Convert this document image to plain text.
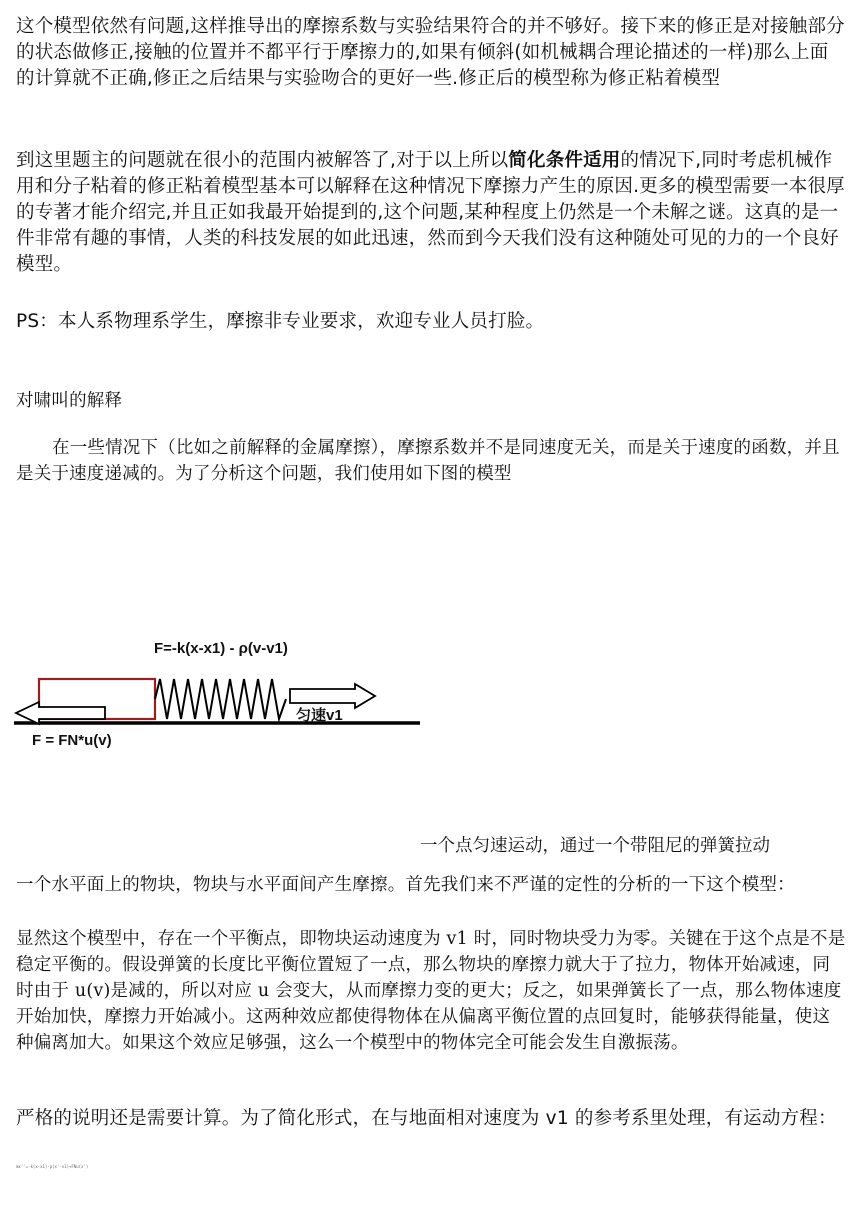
这个模型依然有问题,这样推导出的摩擦系数与实验结果符合的并不够好。接下来的修正是对接触部分的状态做修正,接触的位置并不都平行于摩擦力的,如果有倾斜(如机械耦合理论描述的一样)那么上面的计算就不正确,修正之后结果与实验吻合的更好一些.修正后的模型称为修正粘着模型

到这里题主的问题就在很小的范围内被解答了,对于以上所以简化条件适用的情况下,同时考虑机械作用和分子粘着的修正粘着模型基本可以解释在这种情况下摩擦力产生的原因.更多的模型需要一本很厚的专著才能介绍完,并且正如我最开始提到的,这个问题,某种程度上仍然是一个未解之谜。这真的是一件非常有趣的事情，人类的科技发展的如此迅速，然而到今天我们没有这种随处可见的力的一个良好模型。

PS：本人系物理系学生，摩擦非专业要求，欢迎专业人员打脸。

对啸叫的解释

在一些情况下（比如之前解释的金属摩擦），摩擦系数并不是同速度无关，而是关于速度的函数，并且是关于速度递减的。为了分析这个问题，我们使用如下图的模型

F=-k(x-x1) - ρ(v-v1)
F = FN*u(v)
匀速v1
一个点匀速运动，通过一个带阻尼的弹簧拉动

一个水平面上的物块，物块与水平面间产生摩擦。首先我们来不严谨的定性的分析的一下这个模型：

显然这个模型中，存在一个平衡点，即物块运动速度为 v1 时，同时物块受力为零。关键在于这个点是不是稳定平衡的。假设弹簧的长度比平衡位置短了一点，那么物块的摩擦力就大于了拉力，物体开始减速，同时由于 u(v)是减的，所以对应 u 会变大，从而摩擦力变的更大；反之，如果弹簧长了一点，那么物体速度开始加快，摩擦力开始减小。这两种效应都使得物体在从偏离平衡位置的点回复时，能够获得能量，使这种偏离加大。如果这个效应足够强，这么一个模型中的物体完全可能会发生自激振荡。

严格的说明还是需要计算。为了简化形式，在与地面相对速度为 v1 的参考系里处理，有运动方程：

mx''=-k(x-x1)-ρ(x'-v1)+FNu(x')
